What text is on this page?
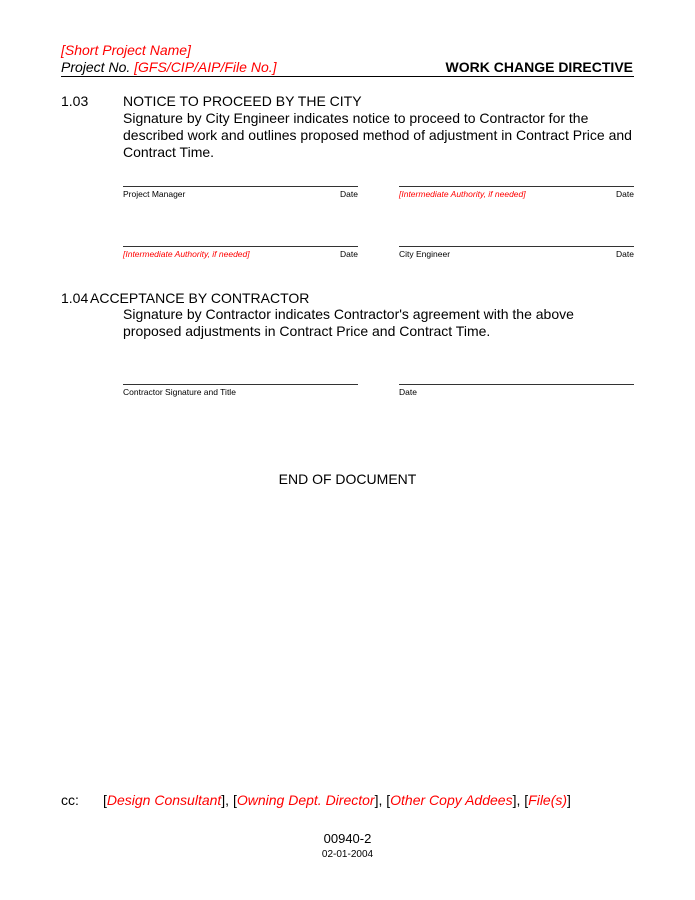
[Short Project Name]
Project No. [GFS/CIP/AIP/File No.]	WORK CHANGE DIRECTIVE
1.03 NOTICE TO PROCEED BY THE CITY
Signature by City Engineer indicates notice to proceed to Contractor for the described work and outlines proposed method of adjustment in Contract Price and Contract Time.
Project Manager	Date	[Intermediate Authority, if needed]	Date
[Intermediate Authority, if needed]	Date	City Engineer	Date
1.04 ACCEPTANCE BY CONTRACTOR
Signature by Contractor indicates Contractor's agreement with the above proposed adjustments in Contract Price and Contract Time.
Contractor Signature and Title	Date
END OF DOCUMENT
cc: [Design Consultant], [Owning Dept. Director], [Other Copy Addees], [File(s)]
00940-2
02-01-2004
